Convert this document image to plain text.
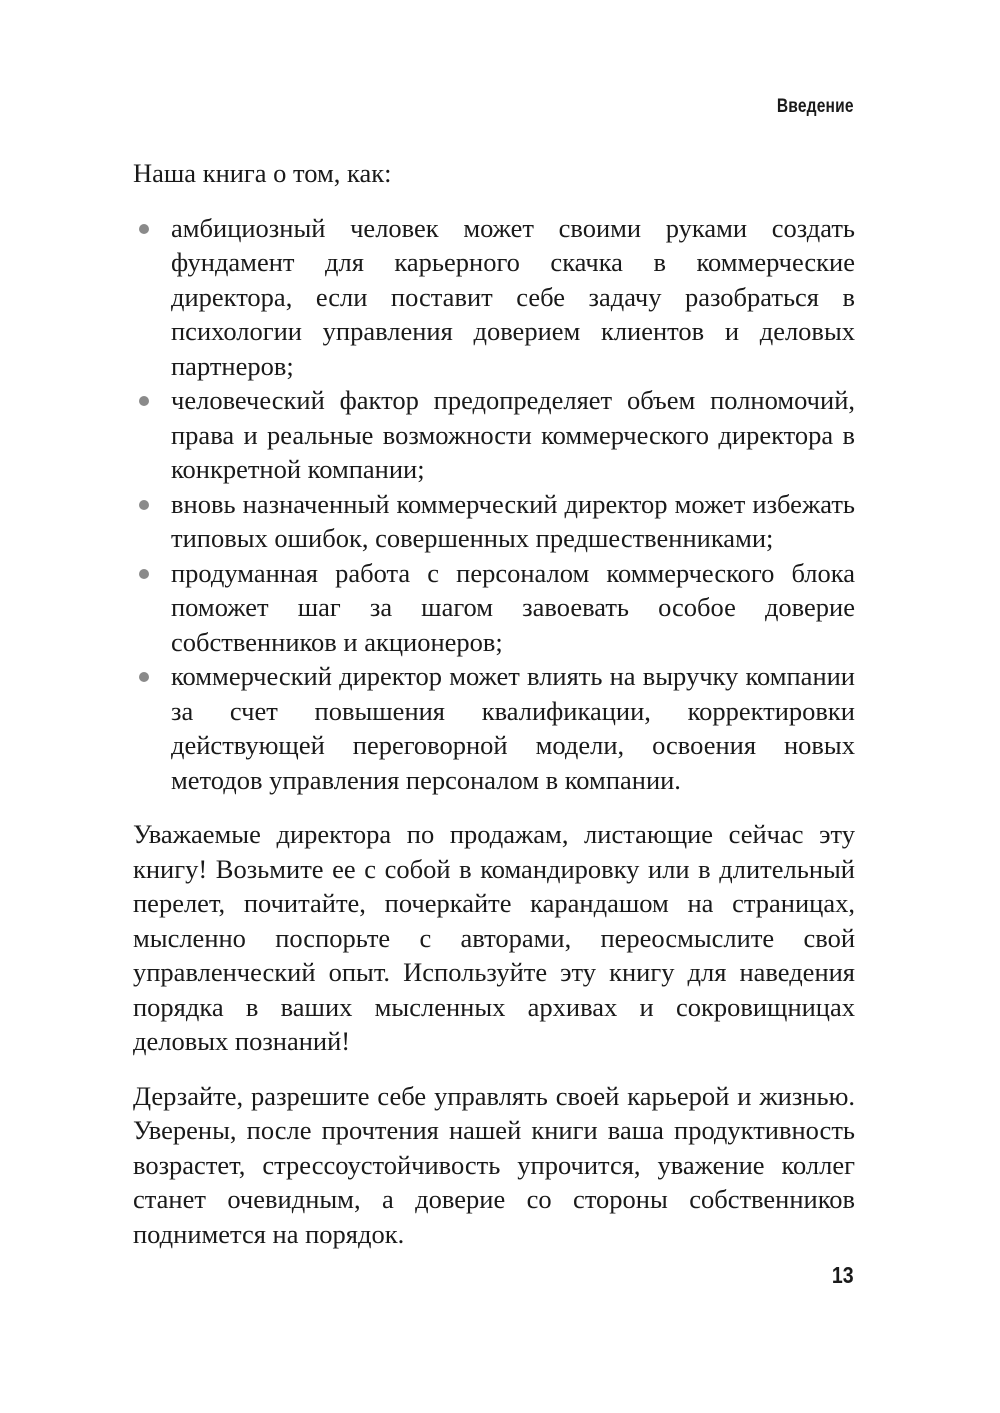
Введение

Наша книга о том, как:

амбициозный человек может своими руками создать фундамент для карьерного скачка в коммерческие директора, если поставит себе задачу разобраться в психологии управления доверием клиентов и деловых партнеров;
человеческий фактор предопределяет объем полномочий, права и реальные возможности коммерческого директора в конкретной компании;
вновь назначенный коммерческий директор может избежать типовых ошибок, совершенных предшественниками;
продуманная работа с персоналом коммерческого блока поможет шаг за шагом завоевать особое доверие собственников и акционеров;
коммерческий директор может влиять на выручку компании за счет повышения квалификации, корректировки действующей переговорной модели, освоения новых методов управления персоналом в компании.

Уважаемые директора по продажам, листающие сейчас эту книгу! Возьмите ее с собой в командировку или в длительный перелет, почитайте, почеркайте карандашом на страницах, мысленно поспорьте с авторами, переосмыслите свой управленческий опыт. Используйте эту книгу для наведения порядка в ваших мысленных архивах и сокровищницах деловых познаний!

Дерзайте, разрешите себе управлять своей карьерой и жизнью. Уверены, после прочтения нашей книги ваша продуктивность возрастет, стрессоустойчивость упрочится, уважение коллег станет очевидным, а доверие со стороны собственников поднимется на порядок.

13
